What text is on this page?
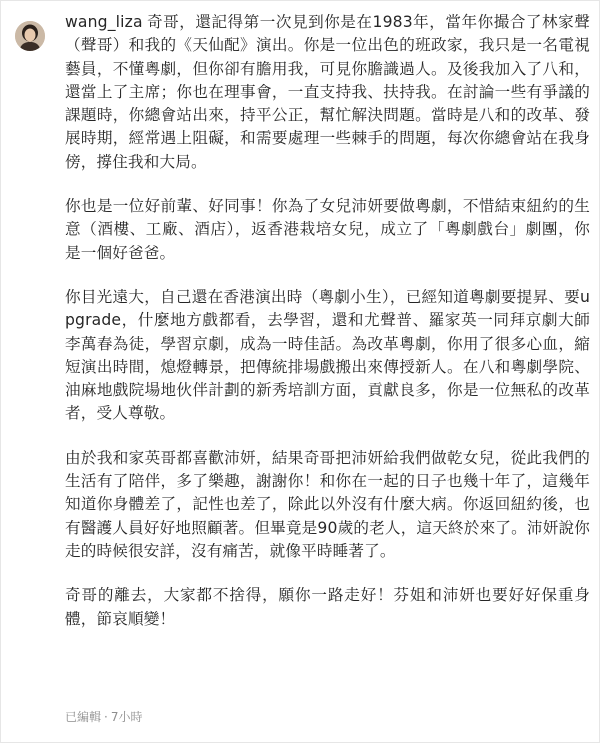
wang_liza 奇哥，還記得第一次見到你是在1983年，當年你撮合了林家聲（聲哥）和我的《天仙配》演出。你是一位出色的班政家，我只是一名電視藝員，不懂粵劇，但你卻有膽用我，可見你膽識過人。及後我加入了八和，還當上了主席；你也在理事會，一直支持我、扶持我。在討論一些有爭議的課題時，你總會站出來，持平公正，幫忙解決問題。當時是八和的改革、發展時期，經常遇上阻礙，和需要處理一些棘手的問題，每次你總會站在我身傍，撐住我和大局。

你也是一位好前輩、好同事！你為了女兒沛妍要做粵劇，不惜結束紐約的生意（酒樓、工廠、酒店），返香港栽培女兒，成立了「粵劇戲台」劇團，你是一個好爸爸。

你目光遠大，自己還在香港演出時（粵劇小生），已經知道粵劇要提昇、要upgrade，什麼地方戲都看，去學習，還和尤聲普、羅家英一同拜京劇大師李萬春為徒，學習京劇，成為一時佳話。為改革粵劇，你用了很多心血，縮短演出時間，熄燈轉景，把傳統排場戲搬出來傳授新人。在八和粵劇學院、油麻地戲院場地伙伴計劃的新秀培訓方面，貢獻良多，你是一位無私的改革者，受人尊敬。

由於我和家英哥都喜歡沛妍，結果奇哥把沛妍給我們做乾女兒，從此我們的生活有了陪伴，多了樂趣，謝謝你！和你在一起的日子也幾十年了，這幾年知道你身體差了，記性也差了，除此以外沒有什麼大病。你返回紐約後，也有醫護人員好好地照顧著。但畢竟是90歲的老人，這天終於來了。沛妍說你走的時候很安詳，沒有痛苦，就像平時睡著了。

奇哥的離去，大家都不捨得，願你一路走好！芬姐和沛妍也要好好保重身體，節哀順變！

已編輯 · 7小時
